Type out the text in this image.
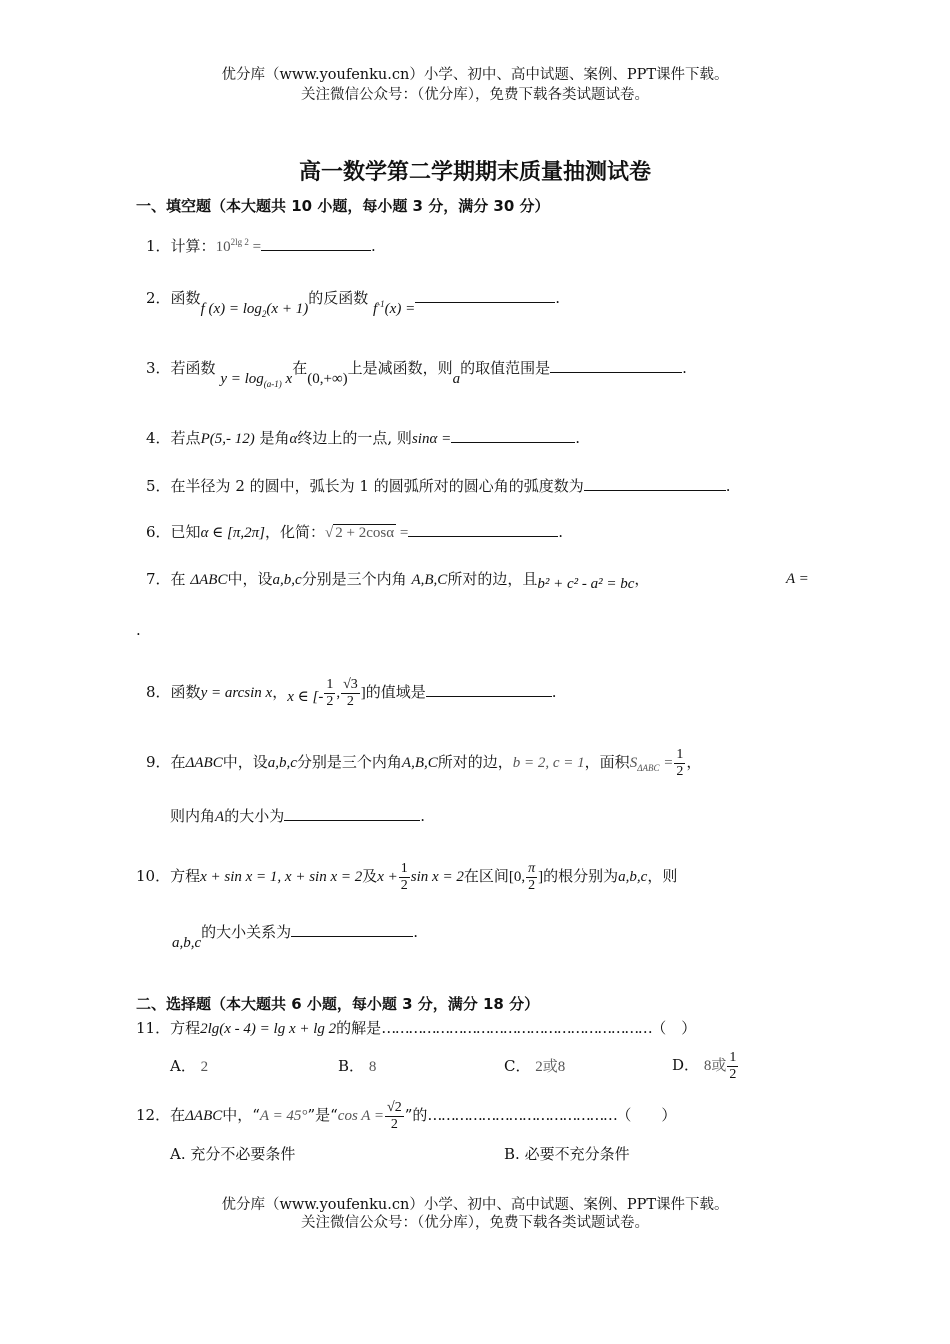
优分库（www.youfenku.cn）小学、初中、高中试题、案例、PPT课件下载。
关注微信公众号：（优分库），免费下载各类试题试卷。
高一数学第二学期期末质量抽测试卷
一、填空题（本大题共 10 小题，每小题 3 分，满分 30 分）
1．计算：$10^{2lg 2}$ =	.
2．函数f $(x) = \log_2(x + 1)$的反函数 $f^{-1}(x)$ =.
3．若函数 $y = \log_{(a-1)} x$在(0,+∞)上是减函数，则a的取值范围是	.
4．若点P(5,- 12) 是角α终边上的一点, 则sinα =	.
5．在半径为 2 的圆中，弧长为 1 的圆弧所对的圆心角的弧度数为	.
6．已知α ∈ [π,2π]，化简：√ 2 + 2cosα =	.
7．在 ΔABC中，设a,b,c分别是三个内角 A,B,C所对的边，且b² + c² - a² = bc，	A =
.
8．函数y = arcsin x，x ∈ [- $\frac{1}{2}$ , $\frac{√3}{2}$ ]的值域是	.
9．在ΔABC中，设a,b,c分别是三个内角A,B,C所对的边，b = 2, c = 1，面积$S_{\Delta ABC} = \frac{1}{2}$ ，
则内角A的大小为	.
10．方程x + sin x = 1, x + sin x = 2及$x + \frac{1}{2}$ sin x = 2在区间[0, $\frac{\pi}{2}$ ]的根分别为a,b,c，则
a,b,c的大小关系为	.
二、选择题（本大题共 6 小题，每小题 3 分，满分 18 分）
11．方程2lg(x - 4) = lg x + lg 2的解是……………………………………………………（　）
A． 2	B． 8	C． 2或8	D． 8或 $\frac{1}{2}$
12．在ΔABC中，“A = 45°”是“cos $A = \frac{√2}{2}$ ”的……………………………………（　　）
A. 充分不必要条件	B. 必要不充分条件
优分库（www.youfenku.cn）小学、初中、高中试题、案例、PPT课件下载。
关注微信公众号：（优分库），免费下载各类试题试卷。
